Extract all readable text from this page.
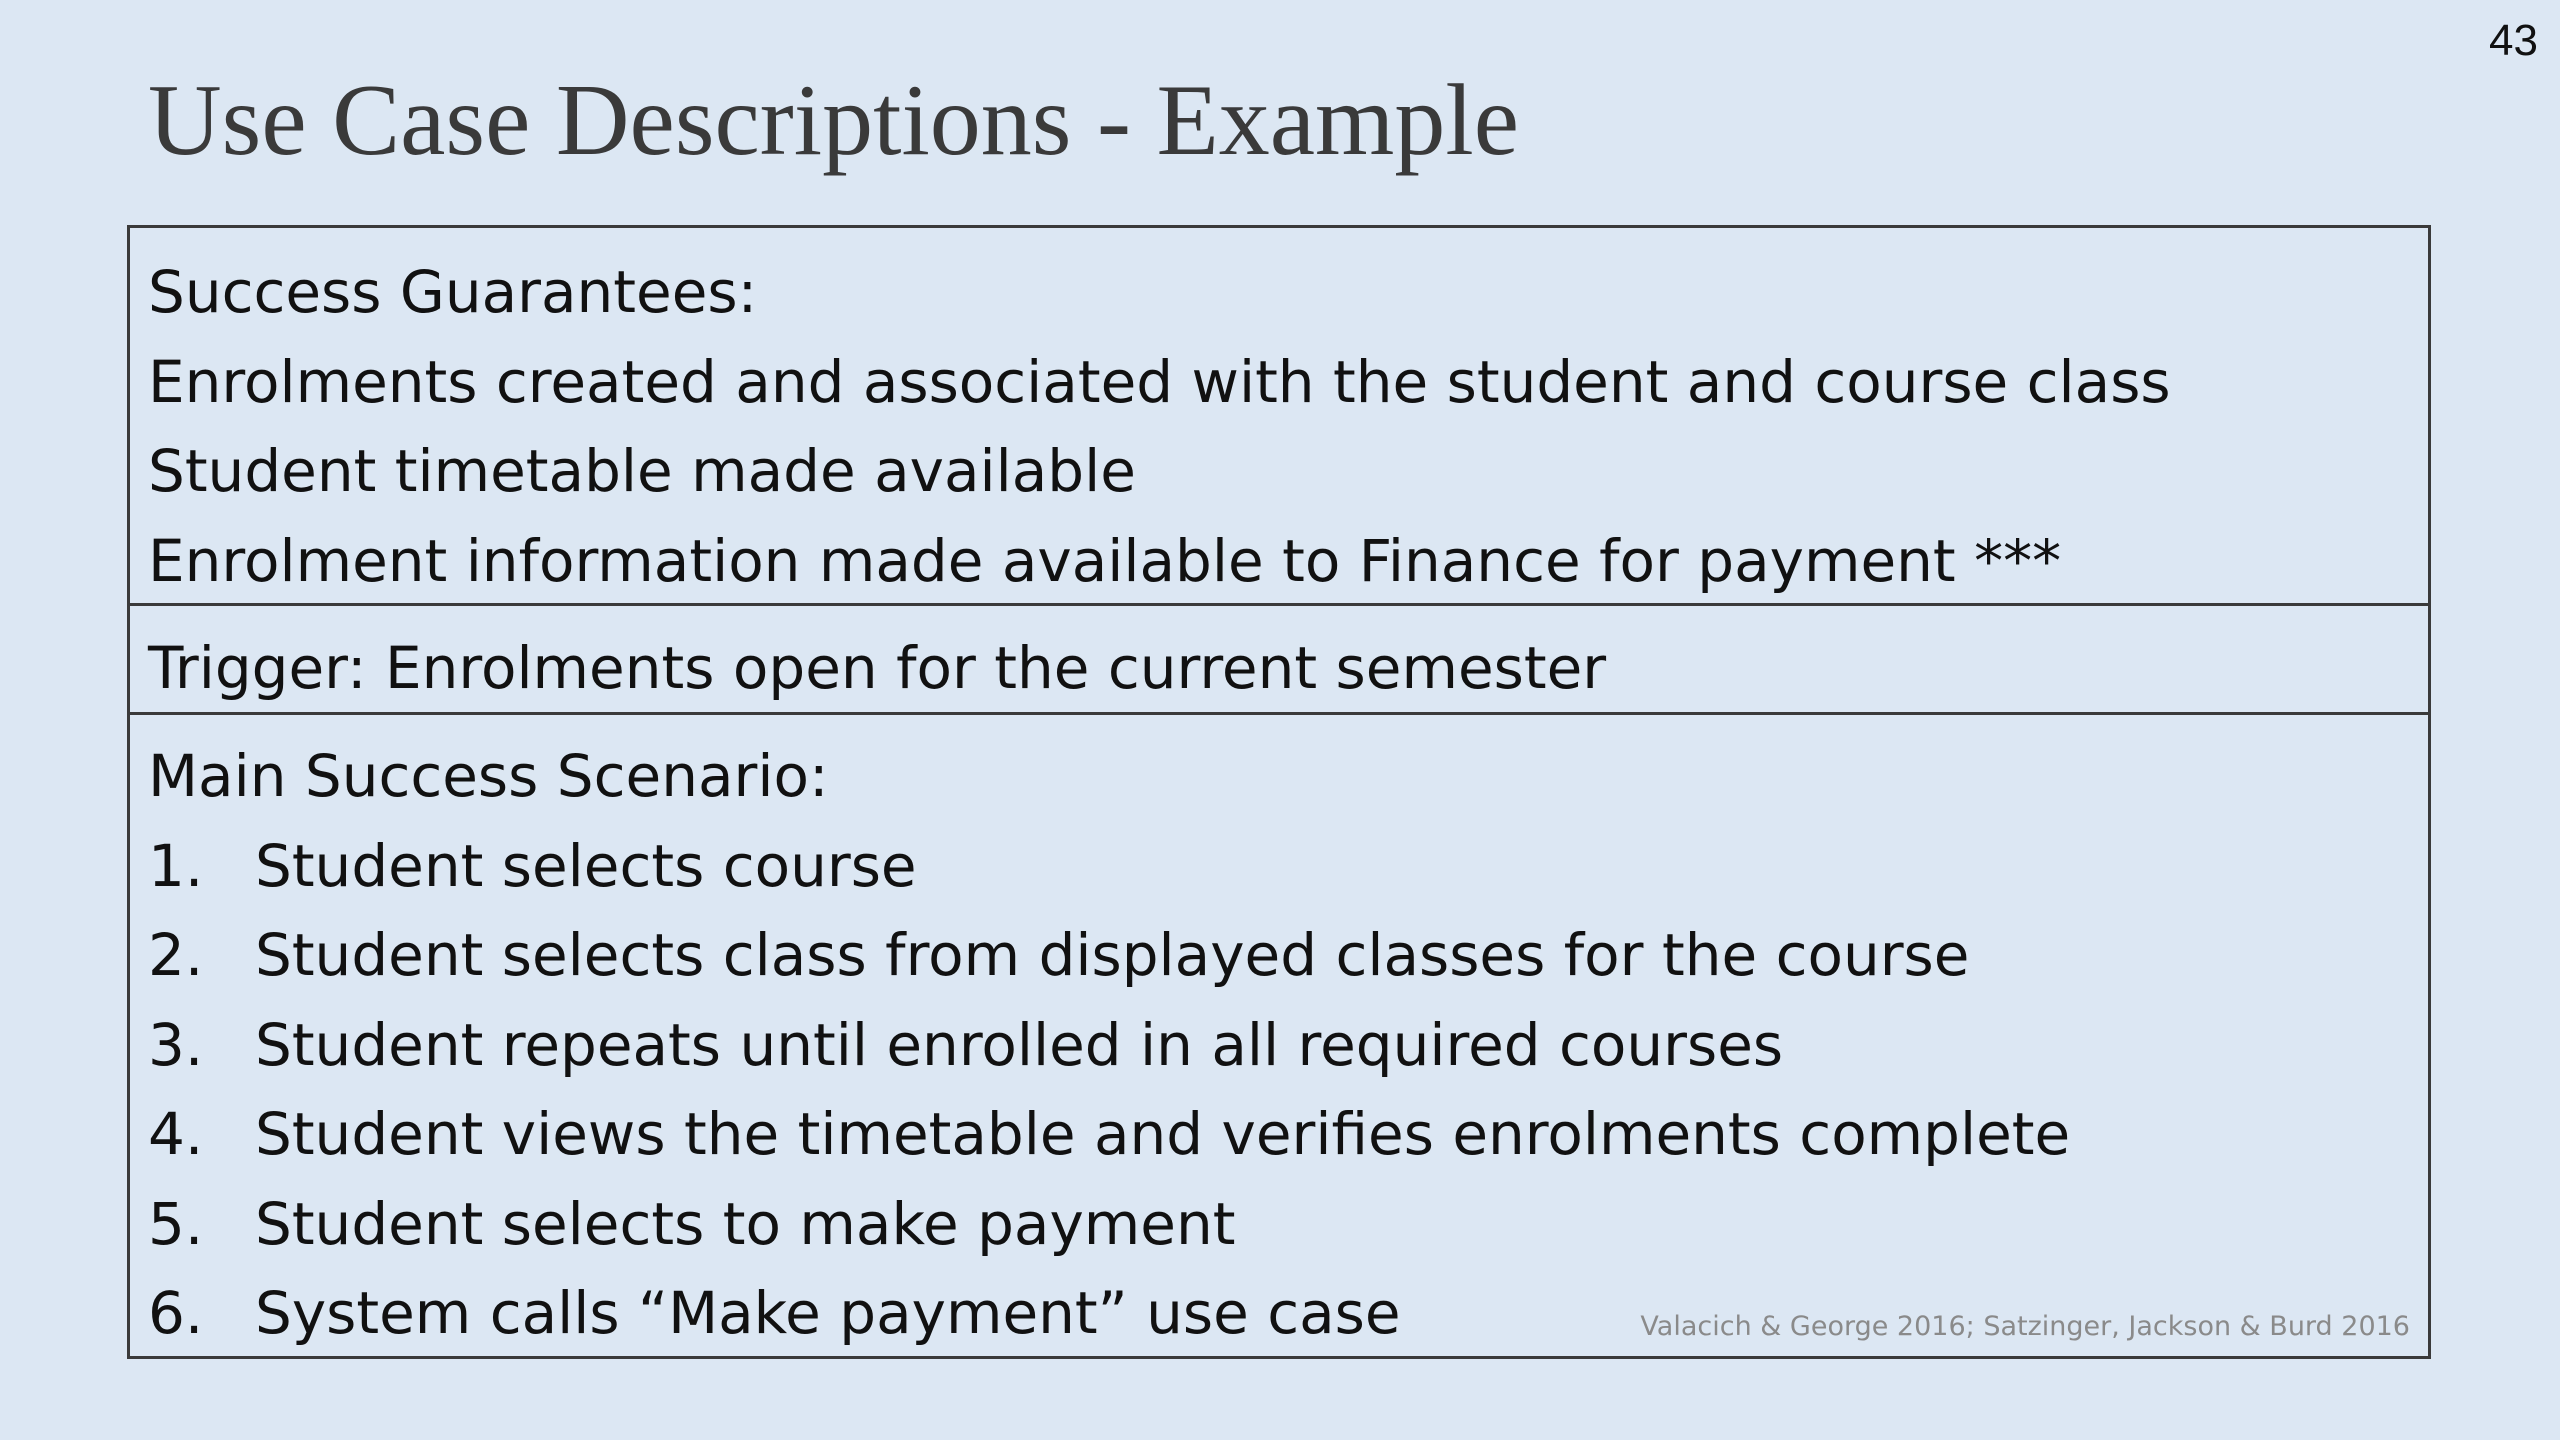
43
Use Case Descriptions - Example
Success Guarantees:
Enrolments created and associated with the student and course class
Student timetable made available
Enrolment information made available to Finance for payment ***
Trigger: Enrolments open for the current semester
Main Success Scenario:
1. Student selects course
2. Student selects class from displayed classes for the course
3. Student repeats until enrolled in all required courses
4. Student views the timetable and verifies enrolments complete
5. Student selects to make payment
6. System calls “Make payment” use case	Valacich & George 2016; Satzinger, Jackson & Burd 2016
